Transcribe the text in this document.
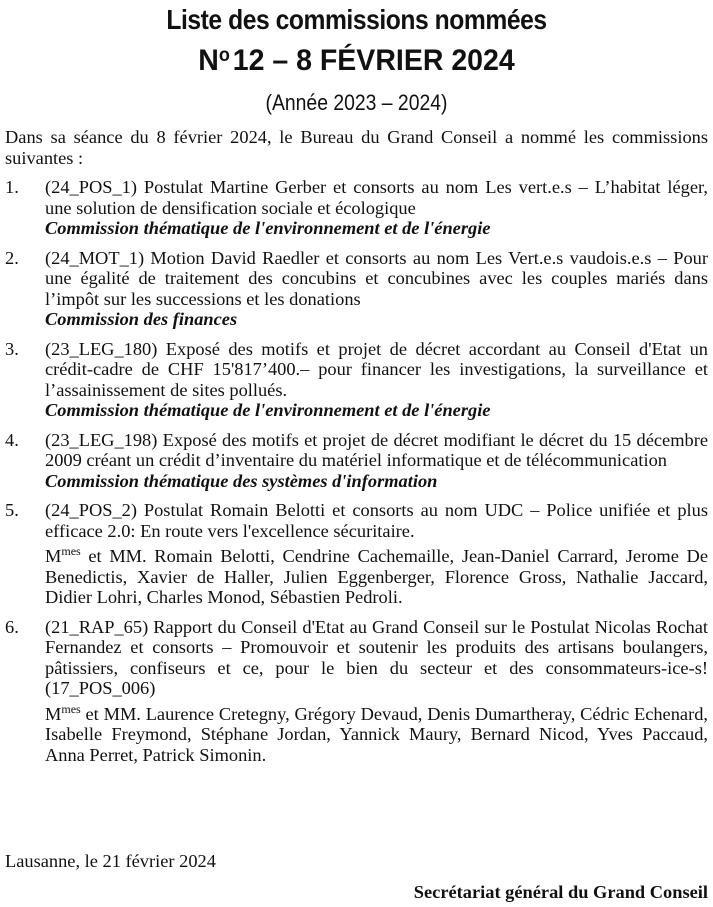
Liste des commissions nommées
$N^o12 - 8$ FÉVRIER 2024
(Année 2023 – 2024)

Dans sa séance du 8 février 2024, le Bureau du Grand Conseil a nommé les commissions suivantes :

1. (24_POS_1) Postulat Martine Gerber et consorts au nom Les vert.e.s – L’habitat léger, une solution de densification sociale et écologique

Commission thématique de l'environnement et de l'énergie

2. (24_MOT_1) Motion David Raedler et consorts au nom Les Vert.e.s vaudois.e.s – Pour une égalité de traitement des concubins et concubines avec les couples mariés dans l’impôt sur les successions et les donations

Commission des finances

3. (23_LEG_180) Exposé des motifs et projet de décret accordant au Conseil d'Etat un crédit-cadre de CHF 15'817’400.– pour financer les investigations, la surveillance et l’assainissement de sites pollués.

Commission thématique de l'environnement et de l'énergie

4. (23_LEG_198) Exposé des motifs et projet de décret modifiant le décret du 15 décembre 2009 créant un crédit d’inventaire du matériel informatique et de télécommunication

Commission thématique des systèmes d'information

5. (24_POS_2) Postulat Romain Belotti et consorts au nom UDC – Police unifiée et plus efficace 2.0: En route vers l'excellence sécuritaire.

$M^{mes}$ et MM. Romain Belotti, Cendrine Cachemaille, Jean-Daniel Carrard, Jerome De Benedictis, Xavier de Haller, Julien Eggenberger, Florence Gross, Nathalie Jaccard, Didier Lohri, Charles Monod, Sébastien Pedroli.

6. (21_RAP_65) Rapport du Conseil d'Etat au Grand Conseil sur le Postulat Nicolas Rochat Fernandez et consorts – Promouvoir et soutenir les produits des artisans boulangers, pâtissiers, confiseurs et ce, pour le bien du secteur et des consommateurs-ice-s! (17_POS_006)

$M^{mes}$ et MM. Laurence Cretegny, Grégory Devaud, Denis Dumartheray, Cédric Echenard, Isabelle Freymond, Stéphane Jordan, Yannick Maury, Bernard Nicod, Yves Paccaud, Anna Perret, Patrick Simonin.

Lausanne, le 21 février 2024
Secrétariat général du Grand Conseil
